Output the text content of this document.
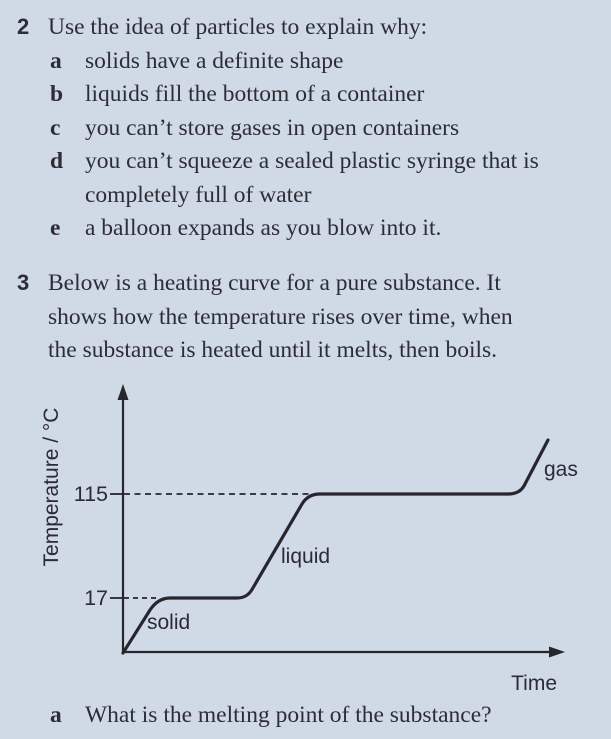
2 Use the idea of particles to explain why:
a solids have a definite shape
b liquids fill the bottom of a container
c	you can’t store gases in open containers
d you can’t squeeze a sealed plastic syringe that is
completely full of water
e	a balloon expands as you blow into it.
3 Below is a heating curve for a pure substance. It
shows how the temperature rises over time, when
the substance is heated until it melts, then boils.
115
17
solid
liquid
gas
Temperature / °C
Time
a What is the melting point of the substance?
